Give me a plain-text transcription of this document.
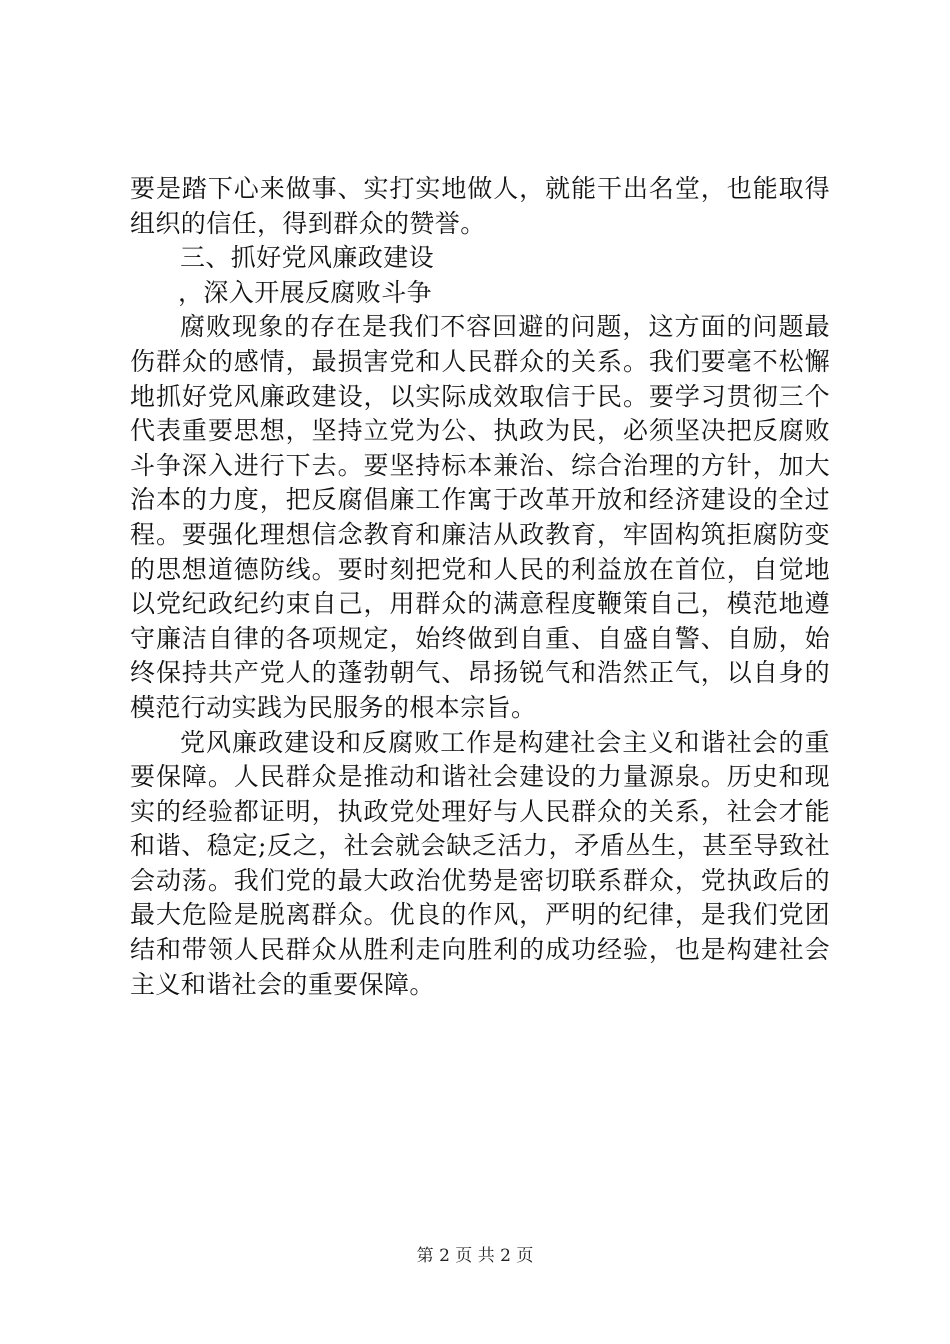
要是踏下心来做事、实打实地做人，就能干出名堂，也能取得
组织的信任，得到群众的赞誉。
三、抓好党风廉政建设
，深入开展反腐败斗争
腐败现象的存在是我们不容回避的问题，这方面的问题最
伤群众的感情，最损害党和人民群众的关系。我们要毫不松懈
地抓好党风廉政建设，以实际成效取信于民。要学习贯彻三个
代表重要思想，坚持立党为公、执政为民，必须坚决把反腐败
斗争深入进行下去。要坚持标本兼治、综合治理的方针，加大
治本的力度，把反腐倡廉工作寓于改革开放和经济建设的全过
程。要强化理想信念教育和廉洁从政教育，牢固构筑拒腐防变
的思想道德防线。要时刻把党和人民的利益放在首位，自觉地
以党纪政纪约束自己，用群众的满意程度鞭策自己，模范地遵
守廉洁自律的各项规定，始终做到自重、自盛自警、自励，始
终保持共产党人的蓬勃朝气、昂扬锐气和浩然正气，以自身的
模范行动实践为民服务的根本宗旨。
党风廉政建设和反腐败工作是构建社会主义和谐社会的重
要保障。人民群众是推动和谐社会建设的力量源泉。历史和现
实的经验都证明，执政党处理好与人民群众的关系，社会才能
和谐、稳定;反之，社会就会缺乏活力，矛盾丛生，甚至导致社
会动荡。我们党的最大政治优势是密切联系群众，党执政后的
最大危险是脱离群众。优良的作风，严明的纪律，是我们党团
结和带领人民群众从胜利走向胜利的成功经验，也是构建社会
主义和谐社会的重要保障。
第 2 页 共 2 页
